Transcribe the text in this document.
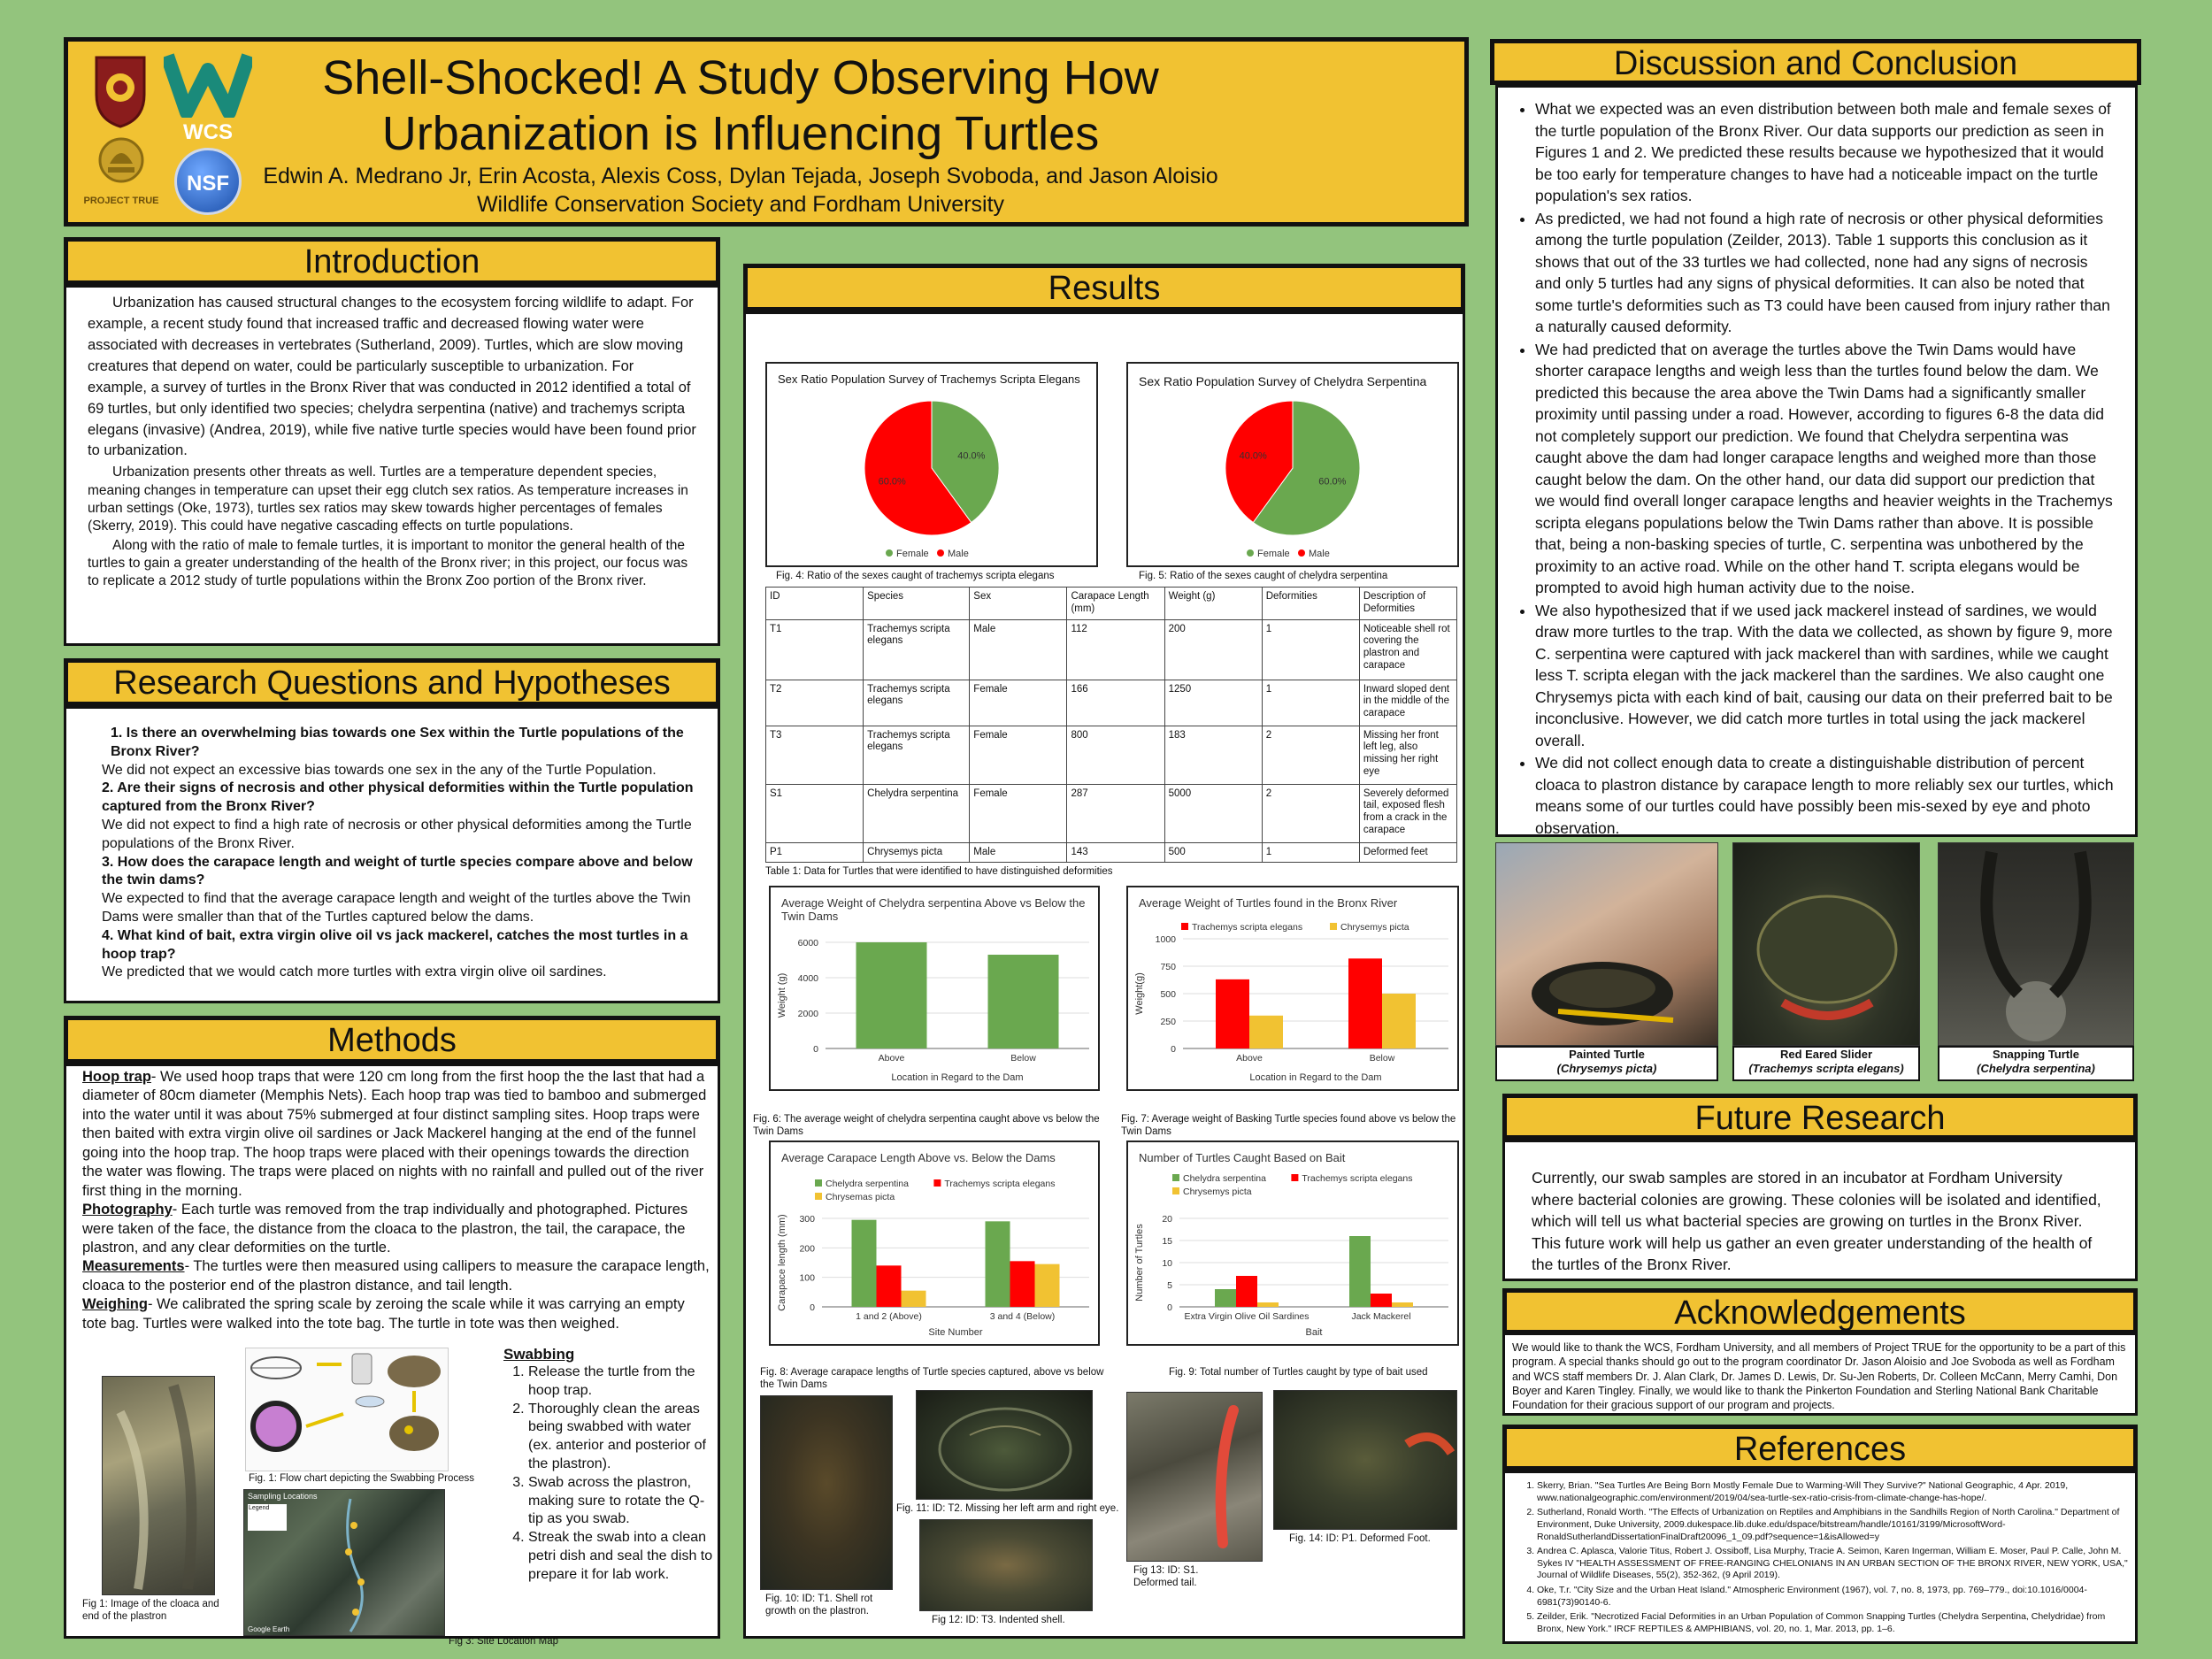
WCS
PROJECT TRUE
NSF
Shell-Shocked! A Study Observing How
Urbanization is Influencing Turtles
Edwin A. Medrano Jr, Erin Acosta, Alexis Coss, Dylan Tejada, Joseph Svoboda, and Jason Aloisio
Wildlife Conservation Society and Fordham University
Introduction

Urbanization has caused structural changes to the ecosystem forcing wildlife to adapt. For example, a recent study found that increased traffic and decreased flowing water were associated with decreases in vertebrates (Sutherland, 2009). Turtles, which are slow moving creatures that depend on water, could be particularly susceptible to urbanization. For example, a survey of turtles in the Bronx River that was conducted in 2012 identified a total of 69 turtles, but only identified two species; chelydra serpentina (native) and trachemys scripta elegans (invasive) (Andrea, 2019), while five native turtle species would have been found prior to urbanization.

Urbanization presents other threats as well. Turtles are a temperature dependent species, meaning changes in temperature can upset their egg clutch sex ratios. As temperature increases in urban settings (Oke, 1973), turtles sex ratios may skew towards higher percentages of females (Skerry, 2019). This could have negative cascading effects on turtle populations.

Along with the ratio of male to female turtles, it is important to monitor the general health of the turtles to gain a greater understanding of the health of the Bronx river; in this project, our focus was to replicate a 2012 study of turtle populations within the Bronx Zoo portion of the Bronx river.

Research Questions and Hypotheses
1. Is there an overwhelming bias towards one Sex within the Turtle populations of the Bronx River?
We did not expect an excessive bias towards one sex in the any of the Turtle Population.
2. Are their signs of necrosis and other physical deformities within the Turtle population captured from the Bronx River?
We did not expect to find a high rate of necrosis or other physical deformities among the Turtle populations of the Bronx River.
3. How does the carapace length and weight of turtle species compare above and below the twin dams?
We expected to find that the average carapace length and weight of the turtles above the Twin Dams were smaller than that of the Turtles captured below the dams.
4. What kind of bait, extra virgin olive oil vs jack mackerel, catches the most turtles in a hoop trap?
We predicted that we would catch more turtles with extra virgin olive oil sardines.
Methods

Hoop trap- We used hoop traps that were 120 cm long from the first hoop the the last that had a diameter of 80cm diameter (Memphis Nets). Each hoop trap was tied to bamboo and submerged into the water until it was about 75% submerged at four distinct sampling sites. Hoop traps were then baited with extra virgin olive oil sardines or Jack Mackerel hanging at the end of the funnel going into the hoop trap. The hoop traps were placed with their openings towards the direction the water was flowing. The traps were placed on nights with no rainfall and pulled out of the river first thing in the morning.

Photography- Each turtle was removed from the trap individually and photographed. Pictures were taken of the face, the distance from the cloaca to the plastron, the tail, the carapace, the plastron, and any clear deformities on the turtle.

Measurements- The turtles were then measured using callipers to measure the carapace length, cloaca to the posterior end of the plastron distance, and tail length.

Weighing- We calibrated the spring scale by zeroing the scale while it was carrying an empty tote bag. Turtles were walked into the tote bag. The turtle in tote was then weighed.

Fig 1: Image of the cloaca and end of the plastron
Fig. 1: Flow chart depicting the Swabbing Process
Sampling Locations
Legend
Google Earth
Fig 3: Site Location Map
Swabbing
1. Release the turtle from the hoop trap.
2. Thoroughly clean the areas being swabbed with water (ex. anterior and posterior of the plastron).
3. Swab across the plastron, making sure to rotate the Q-tip as you swab.
4. Streak the swab into a clean petri dish and seal the dish to prepare it for lab work.
Results
Sex Ratio Population Survey of Trachemys Scripta Elegans
40.0%
60.0%
Female Male
Fig. 4: Ratio of the sexes caught of trachemys scripta elegans
Sex Ratio Population Survey of Chelydra Serpentina
60.0%
40.0%
Female Male
Fig. 5: Ratio of the sexes caught of chelydra serpentina
ID	Species	Sex	Carapace Length (mm)	Weight (g)	Deformities	Description of Deformities
T1	Trachemys scripta elegans	Male	112	200	1	Noticeable shell rot covering the plastron and carapace
T2	Trachemys scripta elegans	Female	166	1250	1	Inward sloped dent in the middle of the carapace
T3	Trachemys scripta elegans	Female	800	183	2	Missing her front left leg, also missing her right eye
S1	Chelydra serpentina	Female	287	5000	2	Severely deformed tail, exposed flesh from a crack in the carapace
P1	Chrysemys picta	Male	143	500	1	Deformed feet
Table 1: Data for Turtles that were identified to have distinguished deformities
Average Weight of Chelydra serpentina Above vs Below the
Twin Dams
0
2000
4000
6000
Above	Below
Location in Regard to the Dam
Weight (g)
Fig. 6: The average weight of chelydra serpentina caught above vs below the Twin Dams
Average Weight of Turtles found in the Bronx River
Trachemys scripta elegans	Chrysemys picta
0
250
500
750
1000
Above	Below
Location in Regard to the Dam
Weight(g)
Fig. 7: Average weight of Basking Turtle species found above vs below the Twin Dams
Average Carapace Length Above vs. Below the Dams
Chelydra serpentina	Trachemys scripta elegans
Chrysemas picta
0
100
200
300
1 and 2 (Above)	3 and 4 (Below)
Site Number
Carapace length (mm)
Fig. 8: Average carapace lengths of Turtle species captured, above vs below the Twin Dams
Number of Turtles Caught Based on Bait
Chelydra serpentina	Trachemys scripta elegans
Chrysemys picta
0
5
10
15
20
Extra Virgin Olive Oil Sardines	Jack Mackerel
Bait
Number of Turtles
Fig. 9: Total number of Turtles caught by type of bait used
Fig. 10: ID: T1. Shell rot growth on the plastron.
Fig. 11: ID: T2. Missing her left arm and right eye.
Fig 12: ID: T3. Indented shell.
Fig 13: ID: S1. Deformed tail.
Fig. 14: ID: P1. Deformed Foot.
Discussion and Conclusion
• What we expected was an even distribution between both male and female sexes of the turtle population of the Bronx River. Our data supports our prediction as seen in Figures 1 and 2. We predicted these results because we hypothesized that it would be too early for temperature changes to have had a noticeable impact on the turtle population's sex ratios.
• As predicted, we had not found a high rate of necrosis or other physical deformities among the turtle population (Zeilder, 2013). Table 1 supports this conclusion as it shows that out of the 33 turtles we had collected, none had any signs of necrosis and only 5 turtles had any signs of physical deformities. It can also be noted that some turtle's deformities such as T3 could have been caused from injury rather than a naturally caused deformity.
• We had predicted that on average the turtles above the Twin Dams would have shorter carapace lengths and weigh less than the turtles found below the dam. We predicted this because the area above the Twin Dams had a significantly smaller proximity until passing under a road. However, according to figures 6-8 the data did not completely support our prediction. We found that Chelydra serpentina was caught above the dam had longer carapace lengths and weighed more than those caught below the dam. On the other hand, our data did support our prediction that we would find overall longer carapace lengths and heavier weights in the Trachemys scripta elegans populations below the Twin Dams rather than above. It is possible that, being a non-basking species of turtle, C. serpentina was unbothered by the proximity to an active road. While on the other hand T. scripta elegans would be prompted to avoid high human activity due to the noise.
• We also hypothesized that if we used jack mackerel instead of sardines, we would draw more turtles to the trap. With the data we collected, as shown by figure 9, more C. serpentina were captured with jack mackerel than with sardines, while we caught less T. scripta elegan with the jack mackerel than the sardines. We also caught one Chrysemys picta with each kind of bait, causing our data on their preferred bait to be inconclusive. However, we did catch more turtles in total using the jack mackerel overall.
• We did not collect enough data to create a distinguishable distribution of percent cloaca to plastron distance by carapace length to more reliably sex our turtles, which means some of our turtles could have possibly been mis-sexed by eye and photo observation.
Painted Turtle
(Chrysemys picta)
Red Eared Slider
(Trachemys scripta elegans)
Snapping Turtle
(Chelydra serpentina)
Future Research
Currently, our swab samples are stored in an incubator at Fordham University where bacterial colonies are growing. These colonies will be isolated and identified, which will tell us what bacterial species are growing on turtles in the Bronx River. This future work will help us gather an even greater understanding of the health of the turtles of the Bronx River.
Acknowledgements
We would like to thank the WCS, Fordham University, and all members of Project TRUE for the opportunity to be a part of this program. A special thanks should go out to the program coordinator Dr. Jason Aloisio and Joe Svoboda as well as Fordham and WCS staff members Dr. J. Alan Clark, Dr. James D. Lewis, Dr. Su-Jen Roberts, Dr. Colleen McCann, Merry Camhi, Don Boyer and Karen Tingley. Finally, we would like to thank the Pinkerton Foundation and Sterling National Bank Charitable Foundation for their gracious support of our program and projects.
References
1. Skerry, Brian. "Sea Turtles Are Being Born Mostly Female Due to Warming-Will They Survive?" National Geographic, 4 Apr. 2019, www.nationalgeographic.com/environment/2019/04/sea-turtle-sex-ratio-crisis-from-climate-change-has-hope/.
2. Sutherland, Ronald Worth. "The Effects of Urbanization on Reptiles and Amphibians in the Sandhills Region of North Carolina." Department of Environment, Duke University, 2009.dukespace.lib.duke.edu/dspace/bitstream/handle/10161/3199/MicrosoftWord-RonaldSutherlandDissertationFinalDraft20096_1_09.pdf?sequence=1&isAllowed=y
3. Andrea C. Aplasca, Valorie Titus, Robert J. Ossiboff, Lisa Murphy, Tracie A. Seimon, Karen Ingerman, William E. Moser, Paul P. Calle, John M. Sykes IV "HEALTH ASSESSMENT OF FREE-RANGING CHELONIANS IN AN URBAN SECTION OF THE BRONX RIVER, NEW YORK, USA," Journal of Wildlife Diseases, 55(2), 352-362, (9 April 2019).
4. Oke, T.r. "City Size and the Urban Heat Island." Atmospheric Environment (1967), vol. 7, no. 8, 1973, pp. 769–779., doi:10.1016/0004-6981(73)90140-6.
5. Zeilder, Erik. "Necrotized Facial Deformities in an Urban Population of Common Snapping Turtles (Chelydra Serpentina, Chelydridae) from Bronx, New York." IRCF REPTILES & AMPHIBIANS, vol. 20, no. 1, Mar. 2013, pp. 1–6.
